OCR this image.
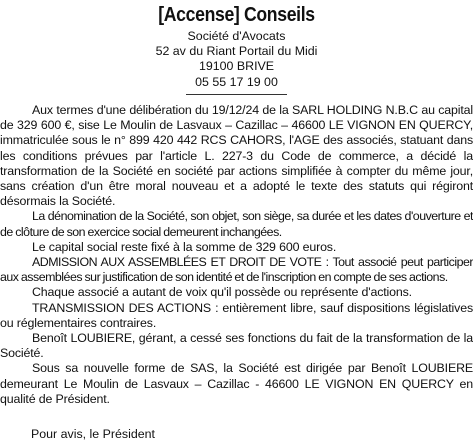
[Accense] Conseils
Société d'Avocats
52 av du Riant Portail du Midi
19100 BRIVE
05 55 17 19 00

Aux termes d'une délibération du 19/12/24 de la SARL HOLDING N.B.C au capital de 329 600 €, sise Le Moulin de Lasvaux – Cazillac – 46600 LE VIGNON EN QUERCY, immatriculée sous le n° 899 420 442 RCS CAHORS, l'AGE des associés, statuant dans les conditions prévues par l'article L. 227-3 du Code de commerce, a décidé la transformation de la Société en société par actions simplifiée à compter du même jour, sans création d'un être moral nouveau et a adopté le texte des statuts qui régiront désormais la Société.

La dénomination de la Société, son objet, son siège, sa durée et les dates d'ouverture et de clôture de son exercice social demeurent inchangées.

Le capital social reste fixé à la somme de 329 600 euros.

ADMISSION AUX ASSEMBLÉES ET DROIT DE VOTE : Tout associé peut participer aux assemblées sur justification de son identité et de l'inscription en compte de ses actions.

Chaque associé a autant de voix qu'il possède ou représente d'actions.

TRANSMISSION DES ACTIONS : entièrement libre, sauf dispositions législatives ou réglementaires contraires.

Benoît LOUBIERE, gérant, a cessé ses fonctions du fait de la transformation de la Société.

Sous sa nouvelle forme de SAS, la Société est dirigée par Benoît LOUBIERE demeurant Le Moulin de Lasvaux – Cazillac - 46600 LE VIGNON EN QUERCY en qualité de Président.

Pour avis, le Président
